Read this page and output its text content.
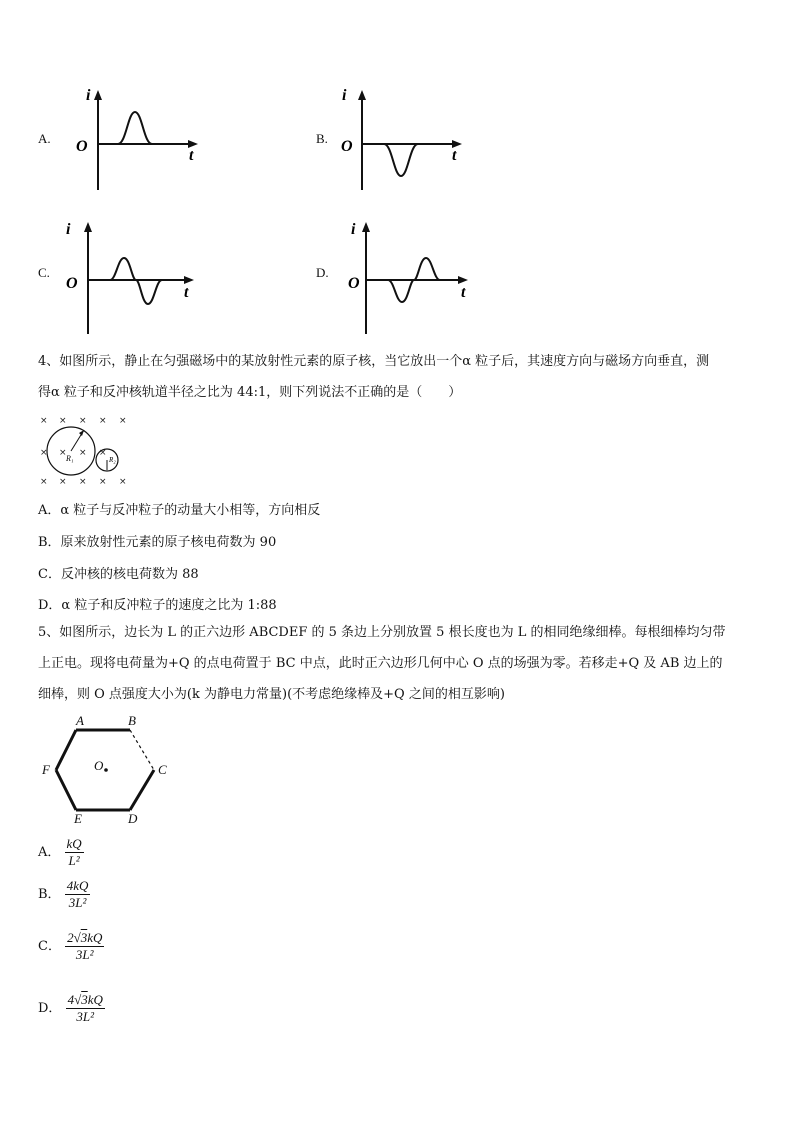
A.
i
O
t
B.
i
O
t
C.
i
O
t
D.
i
O
t
4、如图所示，静止在匀强磁场中的某放射性元素的原子核，当它放出一个α 粒子后，其速度方向与磁场方向垂直，测
得α 粒子和反冲核轨道半径之比为 44:1，则下列说法不正确的是（　　）
× × × × ×
× × × ×
× × × × ×
R₁	R₂
A．α 粒子与反冲粒子的动量大小相等，方向相反
B．原来放射性元素的原子核电荷数为 90
C．反冲核的核电荷数为 88
D．α 粒子和反冲粒子的速度之比为 1:88
5、如图所示，边长为 L 的正六边形 ABCDEF 的 5 条边上分别放置 5 根长度也为 L 的相同绝缘细棒。每根细棒均匀带
上正电。现将电荷量为+Q 的点电荷置于 BC 中点，此时正六边形几何中心 O 点的场强为零。若移走+Q 及 AB 边上的
细棒，则 O 点强度大小为(k 为静电力常量)(不考虑绝缘棒及+Q 之间的相互影响)
A	B
C
D
E
F	O
A． $\frac{kQ}{\text{L²}}$
B． $\frac{4kQ}{\text{3L²}}$
C． $\frac{2√3kQ}{\text{3L²}}$
D． $\frac{4√3kQ}{\text{3L²}}$
